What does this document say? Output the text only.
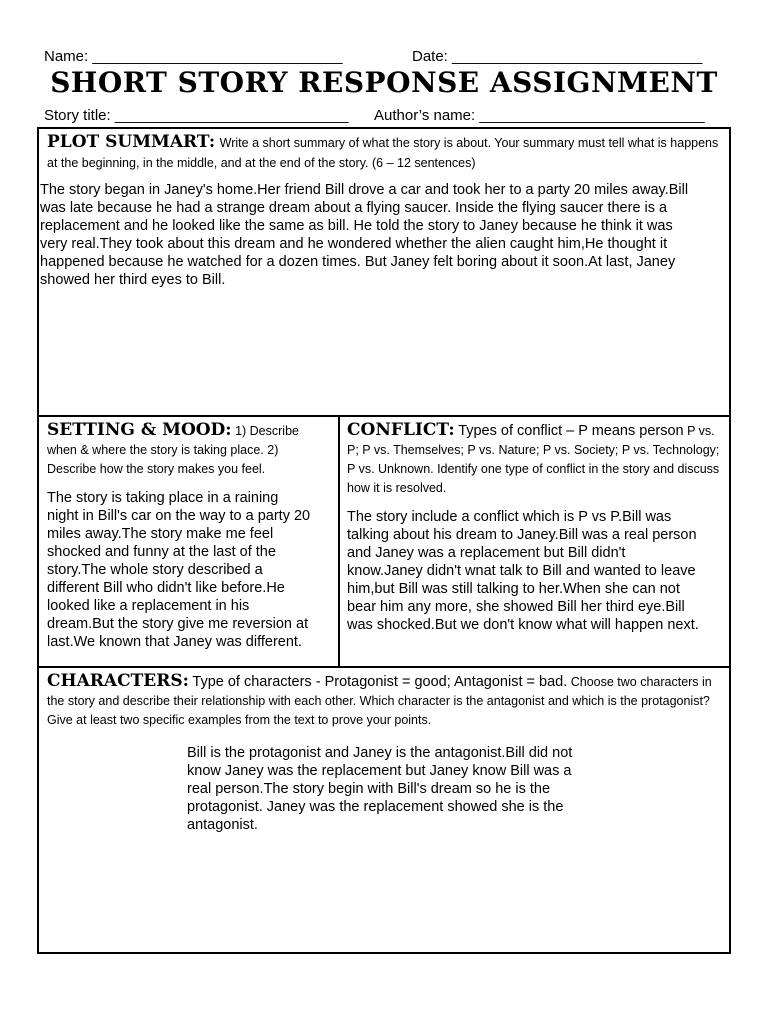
Name: ______________________________	Date: ______________________________
SHORT STORY RESPONSE ASSIGNMENT
Story title: ____________________________ Author’s name: ___________________________
PLOT SUMMART: Write a short summary of what the story is about. Your summary must tell what is happens at the beginning, in the middle, and at the end of the story. (6 – 12 sentences)
The story began in Janey's home.Her friend Bill drove a car and took her to a party 20 miles away.Bill
was late because he had a strange dream about a flying saucer. Inside the flying saucer there is a
replacement and he looked like the same as bill. He told the story to Janey because he think it was
very real.They took about this dream and he wondered whether the alien caught him,He thought it
happened because he watched for a dozen times. But Janey felt boring about it soon.At last, Janey
showed her third eyes to Bill.
SETTING & MOOD: 1) Describe when & where the story is taking place. 2) Describe how the story makes you feel.
The story is taking place in a raining
night in Bill's car on the way to a party 20
miles away.The story make me feel
shocked and funny at the last of the
story.The whole story described a
different Bill who didn't like before.He
looked like a replacement in his
dream.But the story give me reversion at
last.We known that Janey was different.
CONFLICT: Types of conflict – P means person P vs. P; P vs. Themselves; P vs. Nature; P vs. Society; P vs. Technology; P vs. Unknown. Identify one type of conflict in the story and discuss how it is resolved.
The story include a conflict which is P vs P.Bill was
talking about his dream to Janey.Bill was a real person
and Janey was a replacement but Bill didn't
know.Janey didn't wnat talk to Bill and wanted to leave
him,but Bill was still talking to her.When she can not
bear him any more, she showed Bill her third eye.Bill
was shocked.But we don't know what will happen next.
CHARACTERS: Type of characters - Protagonist = good; Antagonist = bad. Choose two characters in the story and describe their relationship with each other. Which character is the antagonist and which is the protagonist? Give at least two specific examples from the text to prove your points.
Bill is the protagonist and Janey is the antagonist.Bill did not
know Janey was the replacement but Janey know Bill was a
real person.The story begin with Bill's dream so he is the
protagonist. Janey was the replacement showed she is the
antagonist.
